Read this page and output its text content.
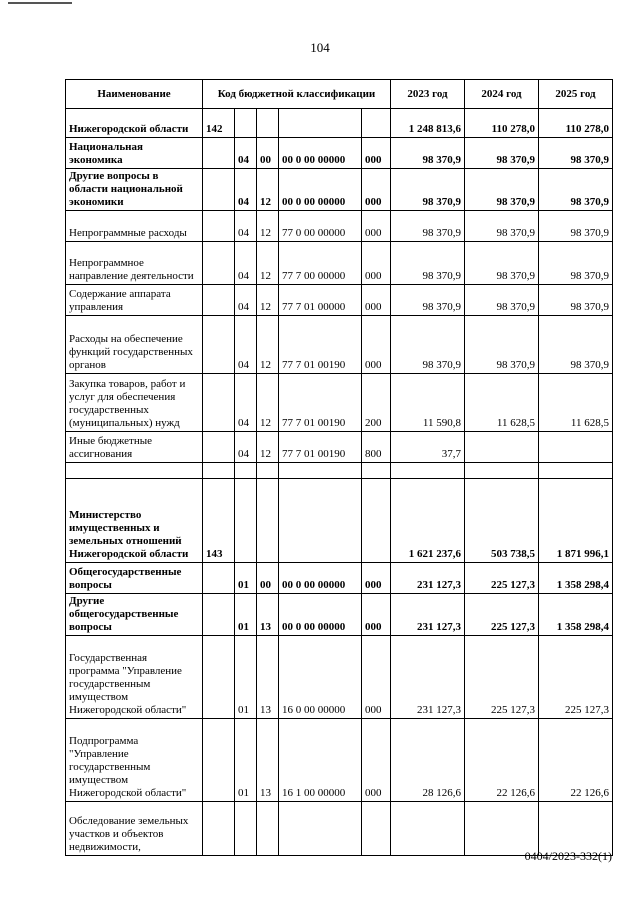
104
Наименование	Код бюджетной классификации					2023 год	2024 год	2025 год
Нижегородской области	142					1 248 813,6	110 278,0	110 278,0
Национальная экономика		04	00	00 0 00 00000	000	98 370,9	98 370,9	98 370,9
Другие вопросы в области национальной экономики		04	12	00 0 00 00000	000	98 370,9	98 370,9	98 370,9
Непрограммные расходы		04	12	77 0 00 00000	000	98 370,9	98 370,9	98 370,9
Непрограммное направление деятельности		04	12	77 7 00 00000	000	98 370,9	98 370,9	98 370,9
Содержание аппарата управления		04	12	77 7 01 00000	000	98 370,9	98 370,9	98 370,9
Расходы на обеспечение функций государственных органов		04	12	77 7 01 00190	000	98 370,9	98 370,9	98 370,9
Закупка товаров, работ и услуг для обеспечения государственных (муниципальных) нужд		04	12	77 7 01 00190	200	11 590,8	11 628,5	11 628,5
Иные бюджетные ассигнования		04	12	77 7 01 00190	800	37,7		

Министерство имущественных и земельных отношений Нижегородской области	143					1 621 237,6	503 738,5	1 871 996,1
Общегосударственные вопросы		01	00	00 0 00 00000	000	231 127,3	225 127,3	1 358 298,4
Другие общегосударственные вопросы		01	13	00 0 00 00000	000	231 127,3	225 127,3	1 358 298,4
Государственная программа "Управление государственным имуществом Нижегородской области"		01	13	16 0 00 00000	000	231 127,3	225 127,3	225 127,3
Подпрограмма "Управление государственным имуществом Нижегородской области"		01	13	16 1 00 00000	000	28 126,6	22 126,6	22 126,6
Обследование земельных участков и объектов недвижимости,								
0404/2023-332(1)
